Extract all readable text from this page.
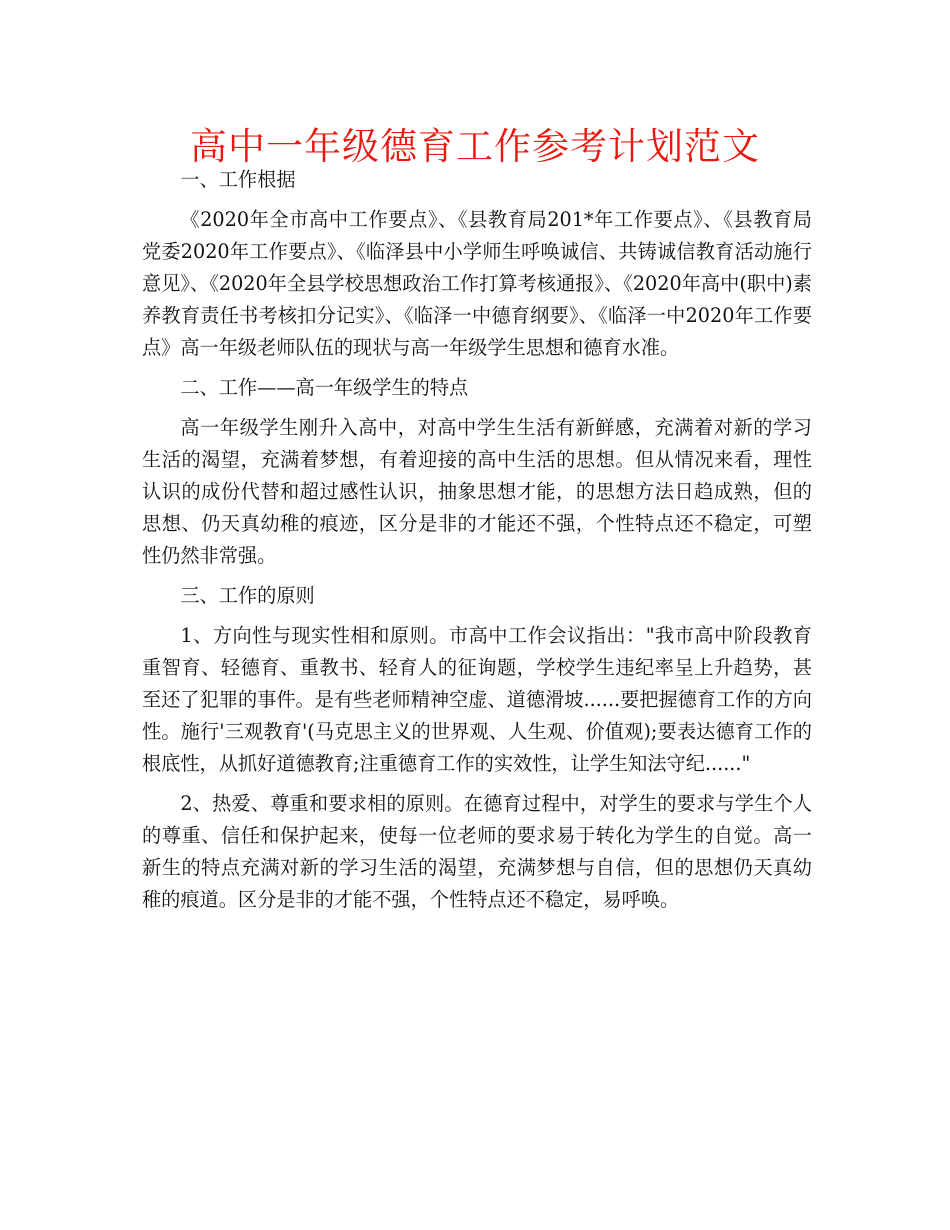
高中一年级德育工作参考计划范文

一、工作根据

《2020年全市高中工作要点》、《县教育局201*年工作要点》、《县教育局党委2020年工作要点》、《临泽县中小学师生呼唤诚信、共铸诚信教育活动施行意见》、《2020年全县学校思想政治工作打算考核通报》、《2020年高中(职中)素养教育责任书考核扣分记实》、《临泽一中德育纲要》、《临泽一中2020年工作要点》高一年级老师队伍的现状与高一年级学生思想和德育水准。

二、工作——高一年级学生的特点

高一年级学生刚升入高中，对高中学生生活有新鲜感，充满着对新的学习生活的渴望，充满着梦想，有着迎接的高中生活的思想。但从情况来看，理性认识的成份代替和超过感性认识，抽象思想才能，的思想方法日趋成熟，但的思想、仍天真幼稚的痕迹，区分是非的才能还不强，个性特点还不稳定，可塑性仍然非常强。

三、工作的原则

1、方向性与现实性相和原则。市高中工作会议指出："我市高中阶段教育重智育、轻德育、重教书、轻育人的征询题，学校学生违纪率呈上升趋势，甚至还了犯罪的事件。是有些老师精神空虚、道德滑坡......要把握德育工作的方向性。施行'三观教育'(马克思主义的世界观、人生观、价值观);要表达德育工作的根底性，从抓好道德教育;注重德育工作的实效性，让学生知法守纪......"

2、热爱、尊重和要求相的原则。在德育过程中，对学生的要求与学生个人的尊重、信任和保护起来，使每一位老师的要求易于转化为学生的自觉。高一新生的特点充满对新的学习生活的渴望，充满梦想与自信，但的思想仍天真幼稚的痕道。区分是非的才能不强，个性特点还不稳定，易呼唤。
